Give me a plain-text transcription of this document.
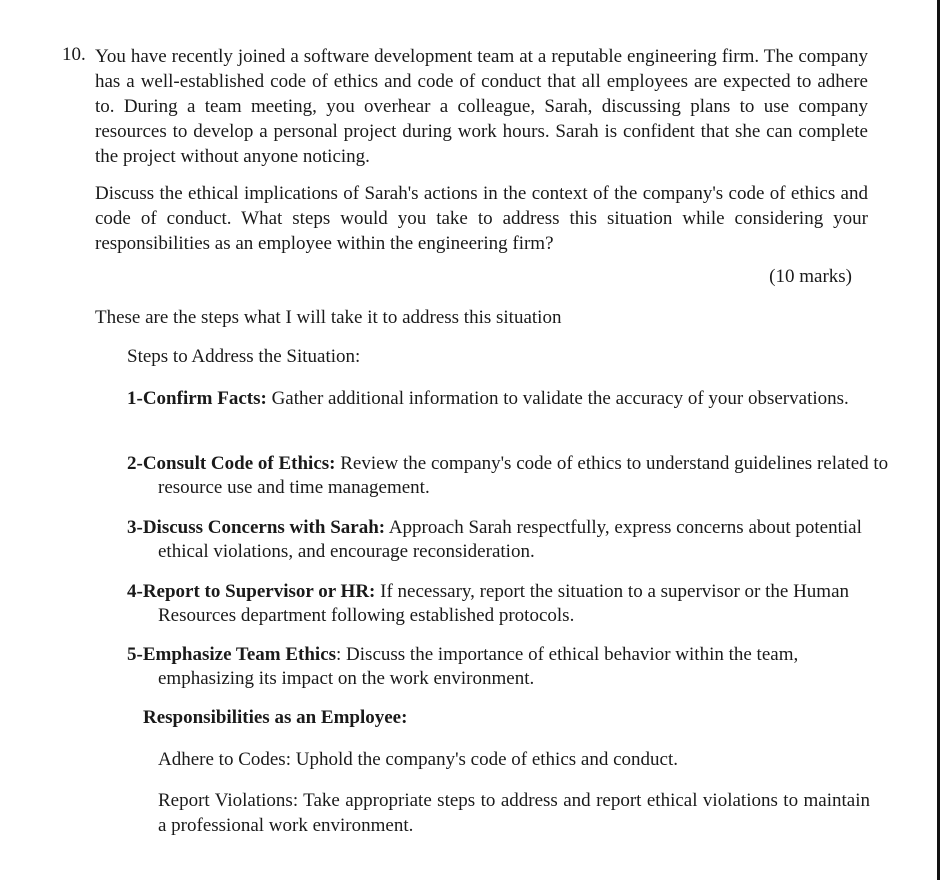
10. You have recently joined a software development team at a reputable engineering firm. The company has a well-established code of ethics and code of conduct that all employees are expected to adhere to. During a team meeting, you overhear a colleague, Sarah, discussing plans to use company resources to develop a personal project during work hours. Sarah is confident that she can complete the project without anyone noticing.
Discuss the ethical implications of Sarah's actions in the context of the company's code of ethics and code of conduct. What steps would you take to address this situation while considering your responsibilities as an employee within the engineering firm?
(10 marks)
These are the steps what I will take it to address this situation
Steps to Address the Situation:
1-Confirm Facts: Gather additional information to validate the accuracy of your observations.
2-Consult Code of Ethics: Review the company's code of ethics to understand guidelines related to resource use and time management.
3-Discuss Concerns with Sarah: Approach Sarah respectfully, express concerns about potential ethical violations, and encourage reconsideration.
4-Report to Supervisor or HR: If necessary, report the situation to a supervisor or the Human Resources department following established protocols.
5-Emphasize Team Ethics: Discuss the importance of ethical behavior within the team, emphasizing its impact on the work environment.
Responsibilities as an Employee:
Adhere to Codes: Uphold the company's code of ethics and conduct.
Report Violations: Take appropriate steps to address and report ethical violations to maintain a professional work environment.
